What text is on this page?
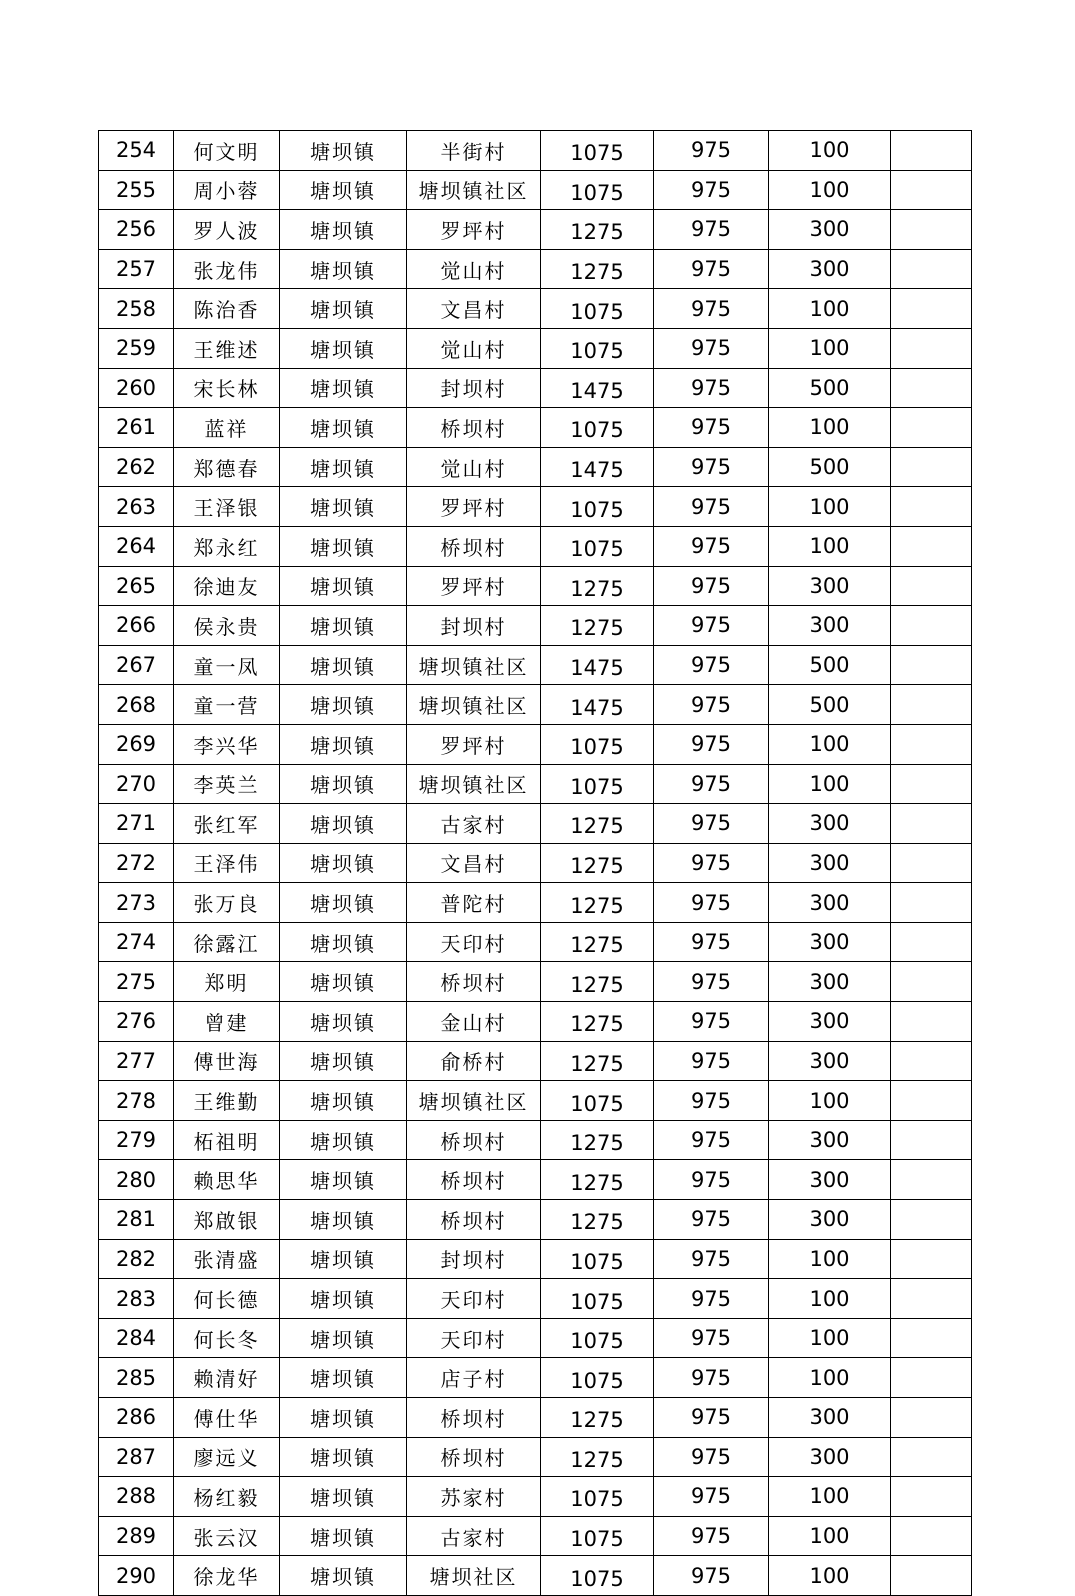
254	何文明	塘坝镇	半街村	1075	975	100	
255	周小蓉	塘坝镇	塘坝镇社区	1075	975	100	
256	罗人波	塘坝镇	罗坪村	1275	975	300	
257	张龙伟	塘坝镇	觉山村	1275	975	300	
258	陈治香	塘坝镇	文昌村	1075	975	100	
259	王维述	塘坝镇	觉山村	1075	975	100	
260	宋长林	塘坝镇	封坝村	1475	975	500	
261	蓝祥	塘坝镇	桥坝村	1075	975	100	
262	郑德春	塘坝镇	觉山村	1475	975	500	
263	王泽银	塘坝镇	罗坪村	1075	975	100	
264	郑永红	塘坝镇	桥坝村	1075	975	100	
265	徐迪友	塘坝镇	罗坪村	1275	975	300	
266	侯永贵	塘坝镇	封坝村	1275	975	300	
267	童一凤	塘坝镇	塘坝镇社区	1475	975	500	
268	童一营	塘坝镇	塘坝镇社区	1475	975	500	
269	李兴华	塘坝镇	罗坪村	1075	975	100	
270	李英兰	塘坝镇	塘坝镇社区	1075	975	100	
271	张红军	塘坝镇	古家村	1275	975	300	
272	王泽伟	塘坝镇	文昌村	1275	975	300	
273	张万良	塘坝镇	普陀村	1275	975	300	
274	徐露江	塘坝镇	天印村	1275	975	300	
275	郑明	塘坝镇	桥坝村	1275	975	300	
276	曾建	塘坝镇	金山村	1275	975	300	
277	傅世海	塘坝镇	俞桥村	1275	975	300	
278	王维勤	塘坝镇	塘坝镇社区	1075	975	100	
279	柘祖明	塘坝镇	桥坝村	1275	975	300	
280	赖思华	塘坝镇	桥坝村	1275	975	300	
281	郑啟银	塘坝镇	桥坝村	1275	975	300	
282	张清盛	塘坝镇	封坝村	1075	975	100	
283	何长德	塘坝镇	天印村	1075	975	100	
284	何长冬	塘坝镇	天印村	1075	975	100	
285	赖清好	塘坝镇	店子村	1075	975	100	
286	傅仕华	塘坝镇	桥坝村	1275	975	300	
287	廖远义	塘坝镇	桥坝村	1275	975	300	
288	杨红毅	塘坝镇	苏家村	1075	975	100	
289	张云汉	塘坝镇	古家村	1075	975	100	
290	徐龙华	塘坝镇	塘坝社区	1075	975	100	
